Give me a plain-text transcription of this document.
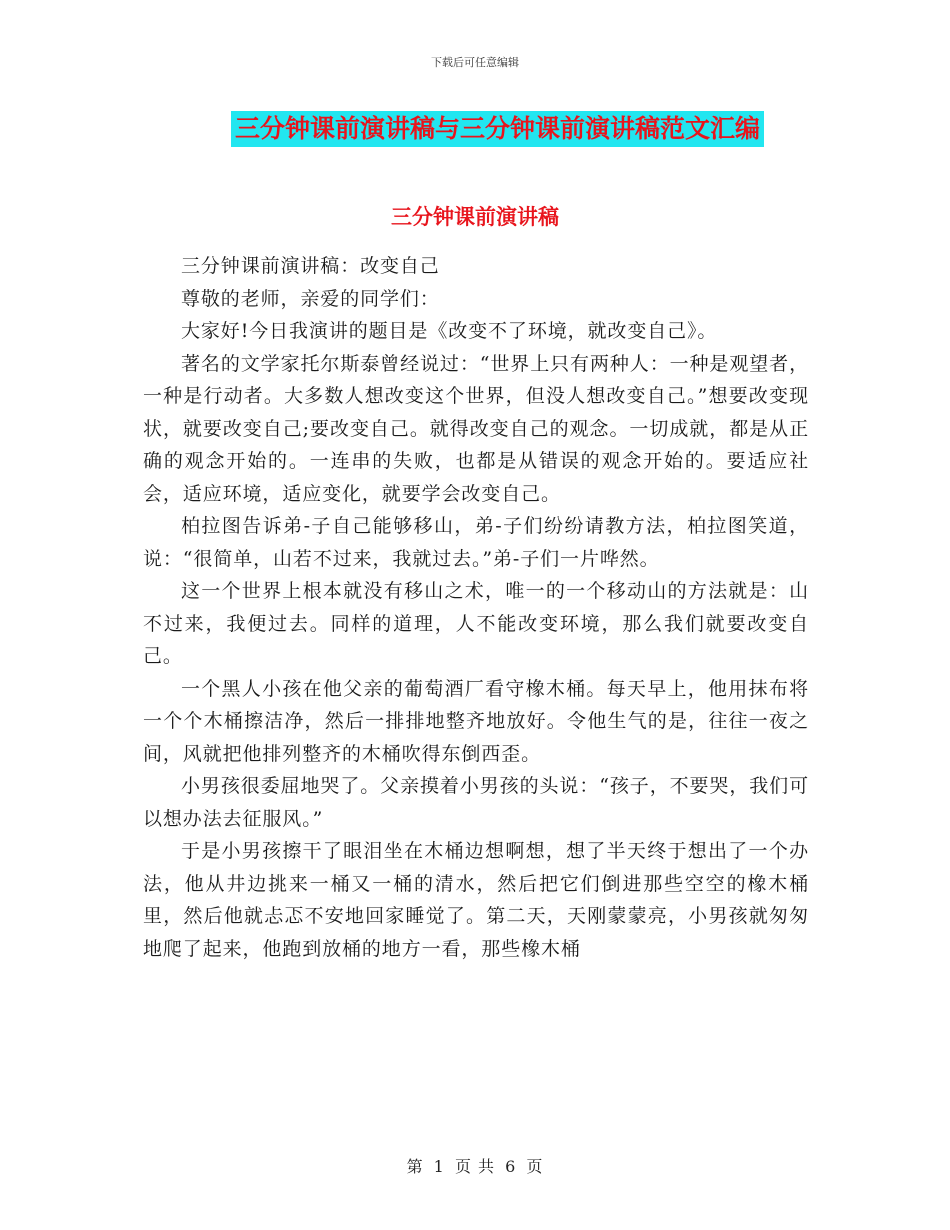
下载后可任意编辑
三分钟课前演讲稿与三分钟课前演讲稿范文汇编
三分钟课前演讲稿

三分钟课前演讲稿：改变自己

尊敬的老师，亲爱的同学们：

大家好!今日我演讲的题目是《改变不了环境，就改变自己》。

著名的文学家托尔斯泰曾经说过：“世界上只有两种人：一种是观望者，一种是行动者。大多数人想改变这个世界，但没人想改变自己。”想要改变现状，就要改变自己;要改变自己。就得改变自己的观念。一切成就，都是从正确的观念开始的。一连串的失败，也都是从错误的观念开始的。要适应社会，适应环境，适应变化，就要学会改变自己。

柏拉图告诉弟-子自己能够移山，弟-子们纷纷请教方法，柏拉图笑道，说：“很简单，山若不过来，我就过去。”弟-子们一片哗然。

这一个世界上根本就没有移山之术，唯一的一个移动山的方法就是：山不过来，我便过去。同样的道理，人不能改变环境，那么我们就要改变自己。

一个黑人小孩在他父亲的葡萄酒厂看守橡木桶。每天早上，他用抹布将一个个木桶擦洁净，然后一排排地整齐地放好。令他生气的是，往往一夜之间，风就把他排列整齐的木桶吹得东倒西歪。

小男孩很委屈地哭了。父亲摸着小男孩的头说：“孩子，不要哭，我们可以想办法去征服风。”

于是小男孩擦干了眼泪坐在木桶边想啊想，想了半天终于想出了一个办法，他从井边挑来一桶又一桶的清水，然后把它们倒进那些空空的橡木桶里，然后他就忐忑不安地回家睡觉了。第二天，天刚蒙蒙亮，小男孩就匆匆地爬了起来，他跑到放桶的地方一看，那些橡木桶

第 1 页 共 6 页
